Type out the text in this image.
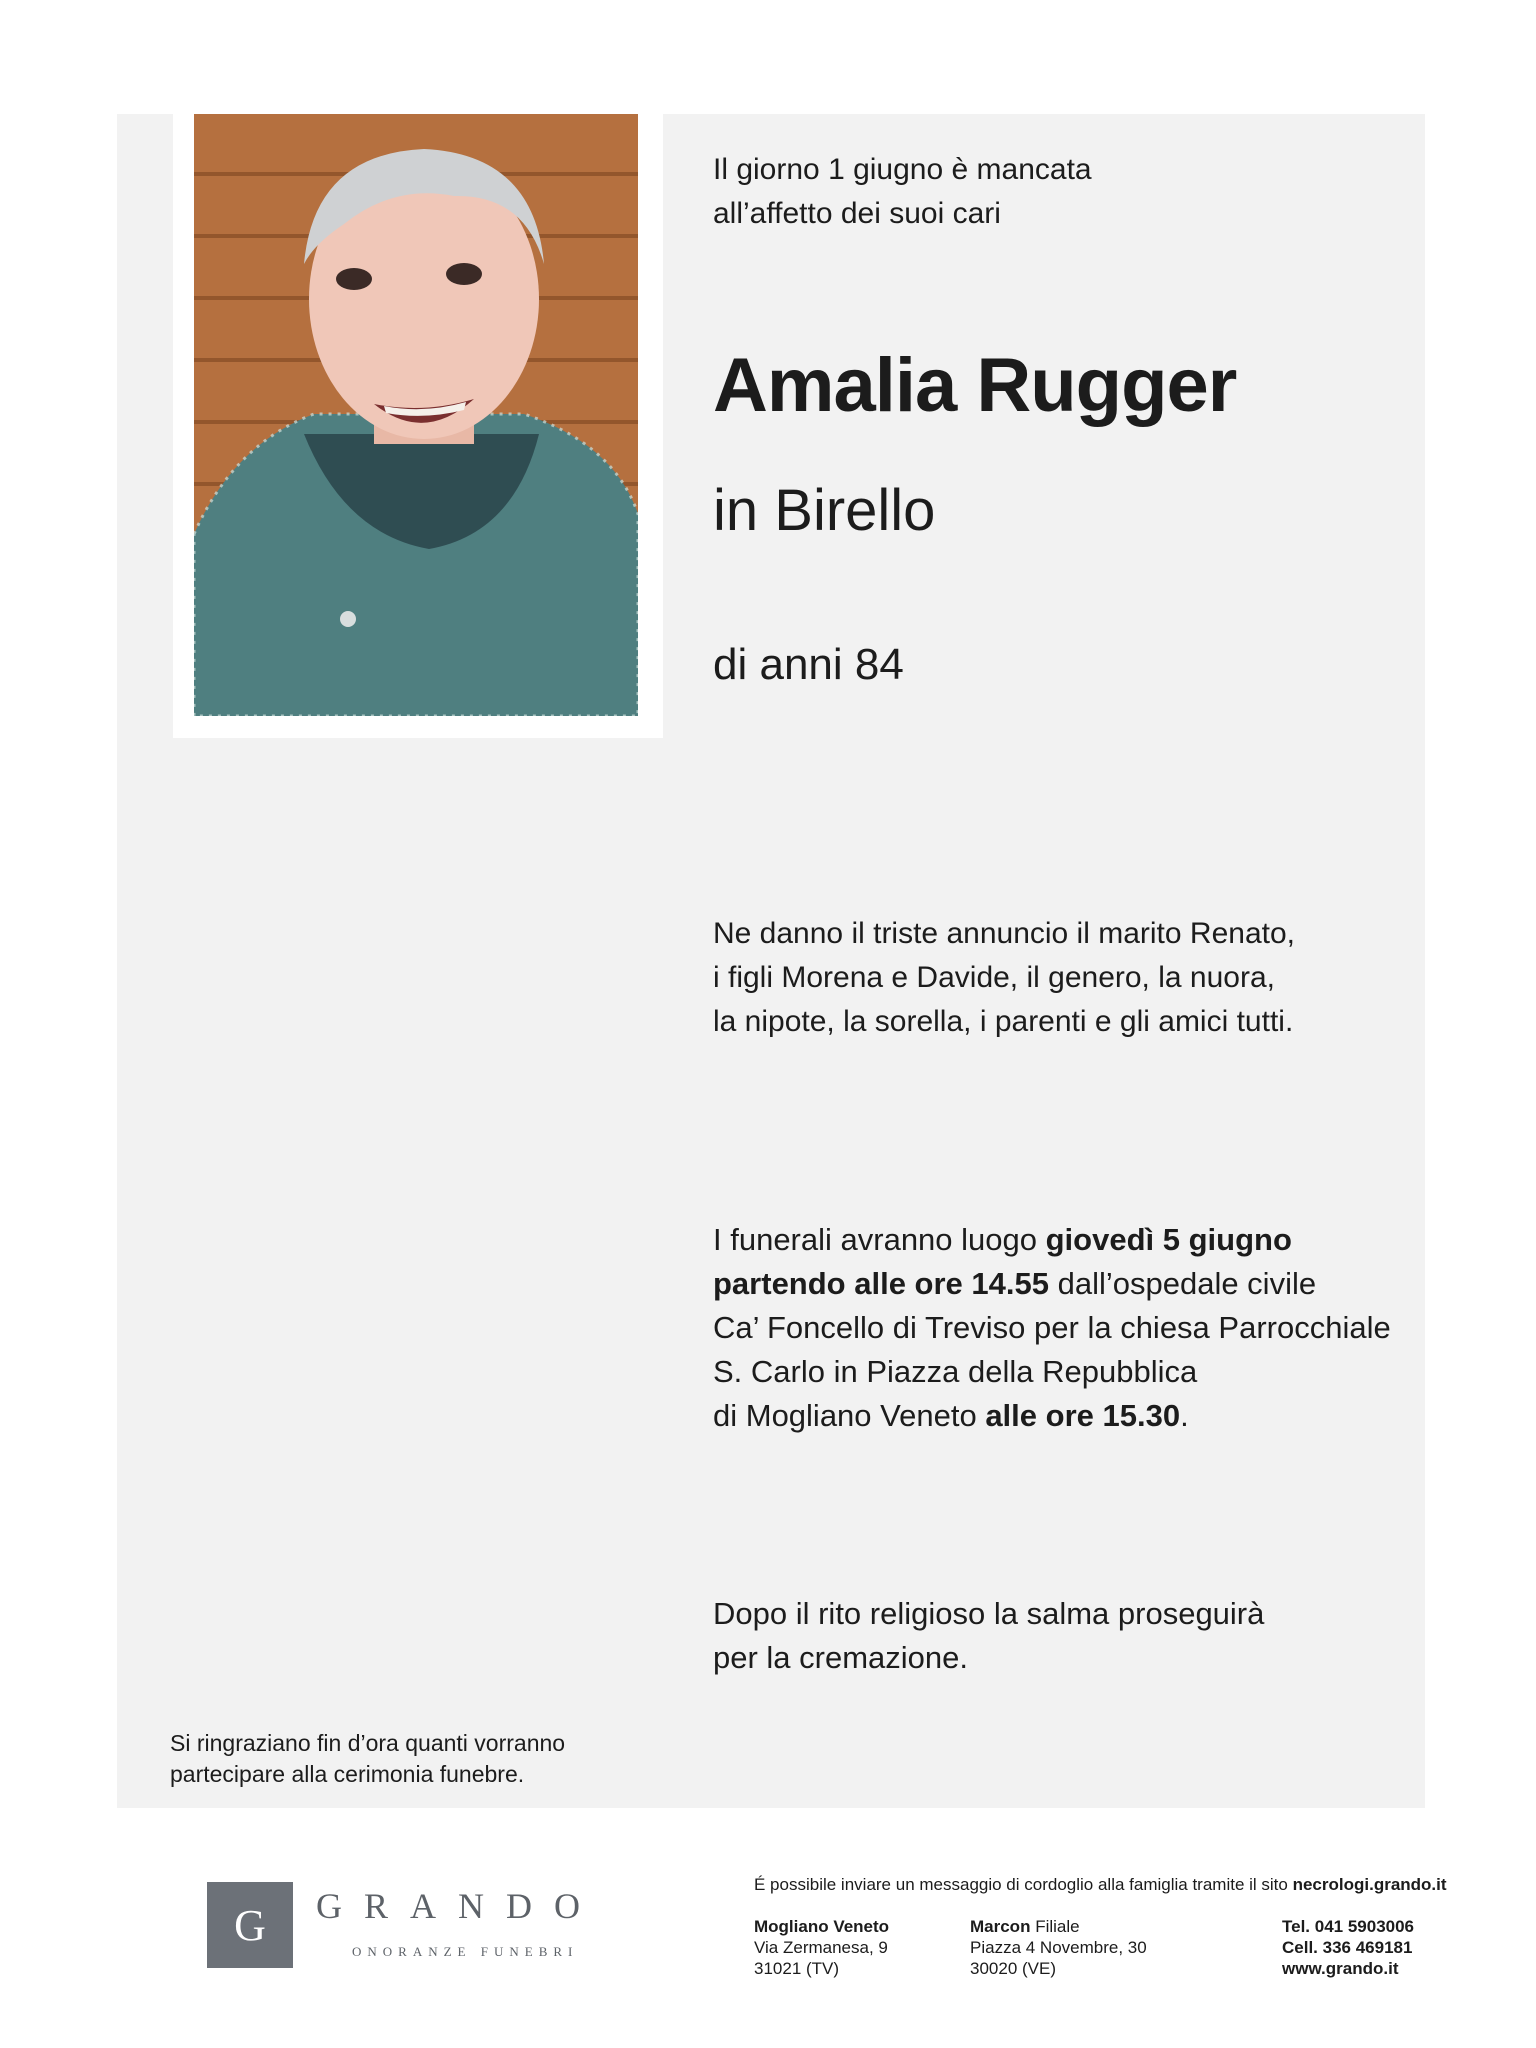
Il giorno 1 giugno è mancata
all’affetto dei suoi cari

Amalia Rugger

in Birello

di anni 84

Ne danno il triste annuncio il marito Renato,
i figli Morena e Davide, il genero, la nuora,
la nipote, la sorella, i parenti e gli amici tutti.

I funerali avranno luogo giovedì 5 giugno
partendo alle ore 14.55 dall’ospedale civile
Ca’ Foncello di Treviso per la chiesa Parrocchiale
S. Carlo in Piazza della Repubblica
di Mogliano Veneto alle ore 15.30.

Dopo il rito religioso la salma proseguirà
per la cremazione.

Si ringraziano fin d’ora quanti vorranno
partecipare alla cerimonia funebre.

G	GRANDO
ONORANZE FUNEBRI

É possibile inviare un messaggio di cordoglio alla famiglia tramite il sito necrologi.grando.it

Mogliano Veneto
Via Zermanesa, 9
31021 (TV)

Marcon Filiale
Piazza 4 Novembre, 30
30020 (VE)

Tel. 041 5903006
Cell. 336 469181
www.grando.it
